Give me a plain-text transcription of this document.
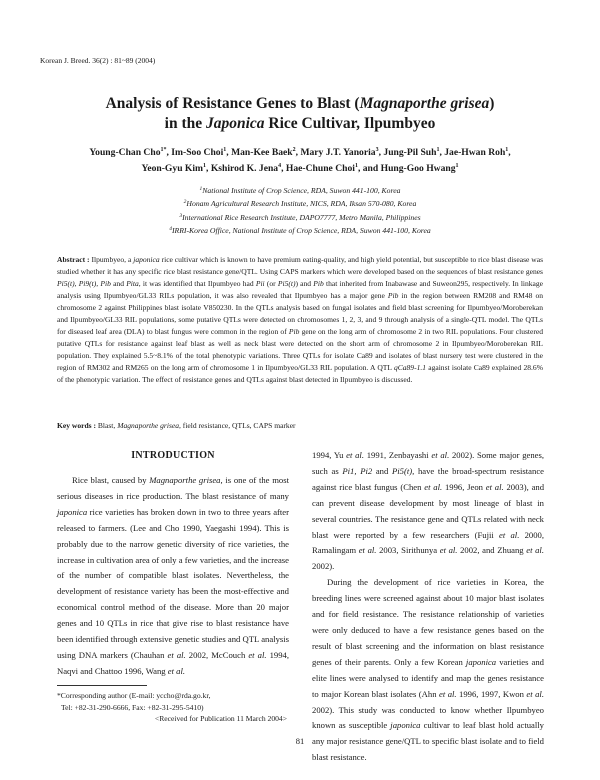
Korean J. Breed. 36(2) : 81~89 (2004)
Analysis of Resistance Genes to Blast (Magnaporthe grisea)
in the Japonica Rice Cultivar, Ilpumbyeo
Young-Chan Cho$^{1*}$, Im-Soo Choi$^1$, Man-Kee Baek$^2$, Mary J.T. Yanoria$^3$, Jung-Pil Suh$^1$, Jae-Hwan Roh$^1$,
Yeon-Gyu Kim$^1$, Kshirod K. Jena$^4$, Hae-Chune Choi$^1$, and Hung-Goo Hwang$^1$
$^1$National Institute of Crop Science, RDA, Suwon 441-100, Korea
$^2$Honam Agricultural Research Institute, NICS, RDA, Iksan 570-080, Korea
$^3$International Rice Research Institute, DAPO7777, Metro Manila, Philippines
$^4$IRRI-Korea Office, National Institute of Crop Science, RDA, Suwon 441-100, Korea
Abstract : Ilpumbyeo, a japonica rice cultivar which is known to have premium eating-quality, and high yield potential, but susceptible to rice blast disease was studied whether it has any specific rice blast resistance gene/QTL. Using CAPS markers which were developed based on the sequences of blast resistance genes Pi5(t), Pi9(t), Pib and Pita, it was identified that Ilpumbyeo had Pii (or Pi5(t)) and Pib that inherited from Inabawase and Suweon295, respectively. In linkage analysis using Ilpumbyeo/GL33 RILs population, it was also revealed that Ilpumbyeo has a major gene Pib in the region between RM208 and RM48 on chromosome 2 against Philippines blast isolate V850230. In the QTLs analysis based on fungal isolates and field blast screening for Ilpumbyeo/Moroberekan and Ilpumbyeo/GL33 RIL populations, some putative QTLs were detected on chromosomes 1, 2, 3, and 9 through analysis of a single-QTL model. The QTLs for diseased leaf area (DLA) to blast fungus were common in the region of Pib gene on the long arm of chromosome 2 in two RIL populations. Four clustered putative QTLs for resistance against leaf blast as well as neck blast were detected on the short arm of chromosome 2 in Ilpumbyeo/Moroberekan RIL population. They explained 5.5~8.1% of the total phenotypic variations. Three QTLs for isolate Ca89 and isolates of blast nursery test were clustered in the region of RM302 and RM265 on the long arm of chromosome 1 in Ilpumbyeo/GL33 RIL population. A QTL qCa89-1.1 against isolate Ca89 explained 28.6% of the phenotypic variation. The effect of resistance genes and QTLs against blast detected in Ilpumbyeo is discussed.
Key words : Blast, Magnaporthe grisea, field resistance, QTLs, CAPS marker
INTRODUCTION

Rice blast, caused by Magnaporthe grisea, is one of the most serious diseases in rice production. The blast resistance of many japonica rice varieties has broken down in two to three years after released to farmers. (Lee and Cho 1990, Yaegashi 1994). This is probably due to the narrow genetic diversity of rice varieties, the increase in cultivation area of only a few varieties, and the increase of the number of compatible blast isolates. Nevertheless, the development of resistance variety has been the most-effective and economical control method of the disease. More than 20 major genes and 10 QTLs in rice that give rise to blast resistance have been identified through extensive genetic studies and QTL analysis using DNA markers (Chauhan et al. 2002, McCouch et al. 1994, Naqvi and Chattoo 1996, Wang et al.

1994, Yu et al. 1991, Zenbayashi et al. 2002). Some major genes, such as Pi1, Pi2 and Pi5(t), have the broad-spectrum resistance against rice blast fungus (Chen et al. 1996, Jeon et al. 2003), and can prevent disease development by most lineage of blast in several countries. The resistance gene and QTLs related with neck blast were reported by a few researchers (Fujii et al. 2000, Ramalingam et al. 2003, Sirithunya et al. 2002, and Zhuang et al. 2002).

During the development of rice varieties in Korea, the breeding lines were screened against about 10 major blast isolates and for field resistance. The resistance relationship of varieties were only deduced to have a few resistance genes based on the result of blast screening and the information on blast resistance genes of their parents. Only a few Korean japonica varieties and elite lines were analysed to identify and map the genes resistance to major Korean blast isolates (Ahn et al. 1996, 1997, Kwon et al. 2002). This study was conducted to know whether Ilpumbyeo known as susceptible japonica cultivar to leaf blast hold actually any major resistance gene/QTL to specific blast isolate and to field blast resistance.

*Corresponding author (E-mail: yccho@rda.go.kr,
Tel: +82-31-290-6666, Fax: +82-31-295-5410)
<Received for Publication 11 March 2004>
81
